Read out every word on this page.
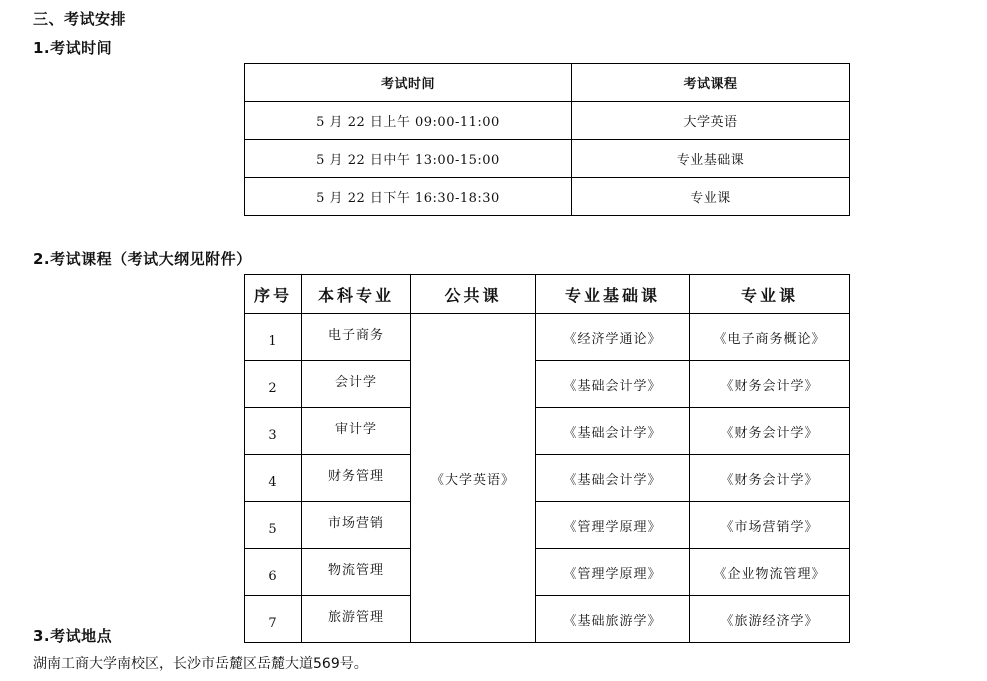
三、考试安排
1.考试时间
考试时间	考试课程
5 月 22 日上午 09:00-11:00	大学英语
5 月 22 日中午 13:00-15:00	专业基础课
5 月 22 日下午 16:30-18:30	专业课
2.考试课程（考试大纲见附件）
序号	本科专业	公共课	专业基础课	专业课
1	电子商务	《大学英语》	《经济学通论》	《电子商务概论》
2	会计学		《基础会计学》	《财务会计学》
3	审计学		《基础会计学》	《财务会计学》
4	财务管理		《基础会计学》	《财务会计学》
5	市场营销		《管理学原理》	《市场营销学》
6	物流管理		《管理学原理》	《企业物流管理》
7	旅游管理		《基础旅游学》	《旅游经济学》
3.考试地点
湖南工商大学南校区，长沙市岳麓区岳麓大道569号。
